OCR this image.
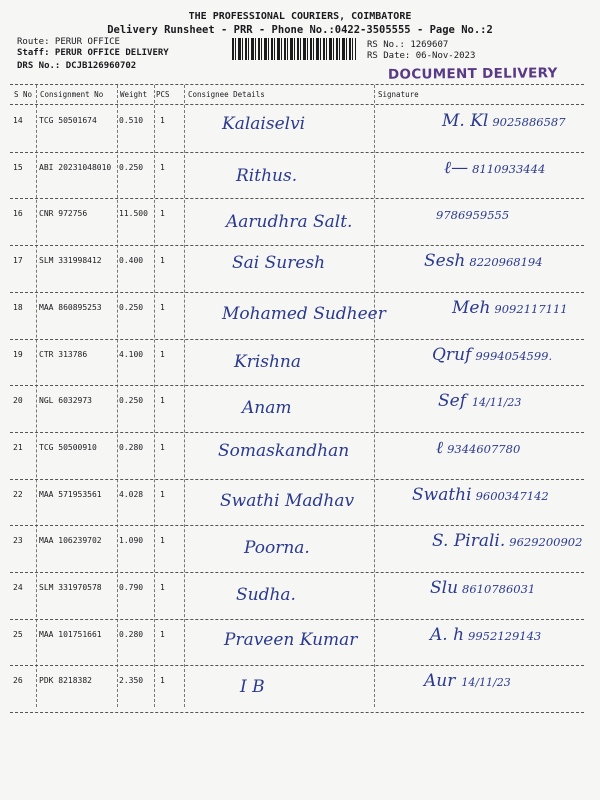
THE PROFESSIONAL COURIERS, COIMBATORE
Delivery Runsheet - PRR - Phone No.:0422-3505555 - Page No.:2
Route: PERUR OFFICE
Staff: PERUR OFFICE DELIVERY
DRS No.: DCJB126960702
RS No.: 1269607
RS Date: 06-Nov-2023
DOCUMENT DELIVERY
S No Consignment No Weight PCS Consignee Details	Signature
14 TCG 50501674	0.510 1	Kalaiselvi	M. Kl 9025886587
15 ABI 20231048010 0.250 1	Rithus.	ℓ— 8110933444
16 CNR 972756	11.500 1	Aarudhra Salt.	9786959555
17 SLM 331998412 0.400 1	Sai Suresh	Sesh 8220968194
18 MAA 860895253 0.250 1	Mohamed Sudheer	Meh 9092117111
19 CTR 313786	4.100 1	Krishna	Qruf 9994054599.
20 NGL 6032973	0.250 1	Anam	Sef 14/11/23
21 TCG 50500910	0.280 1	Somaskandhan	ℓ 9344607780
22 MAA 571953561 4.028 1	Swathi Madhav	Swathi 9600347142
23 MAA 106239702 1.090 1	Poorna.	S. Pirali. 9629200902
24 SLM 331970578 0.790 1	Sudha.	Slu 8610786031
25 MAA 101751661 0.280 1	Praveen Kumar	A. h 9952129143
26 PDK 8218382	2.350 1	I B	Aur 14/11/23
